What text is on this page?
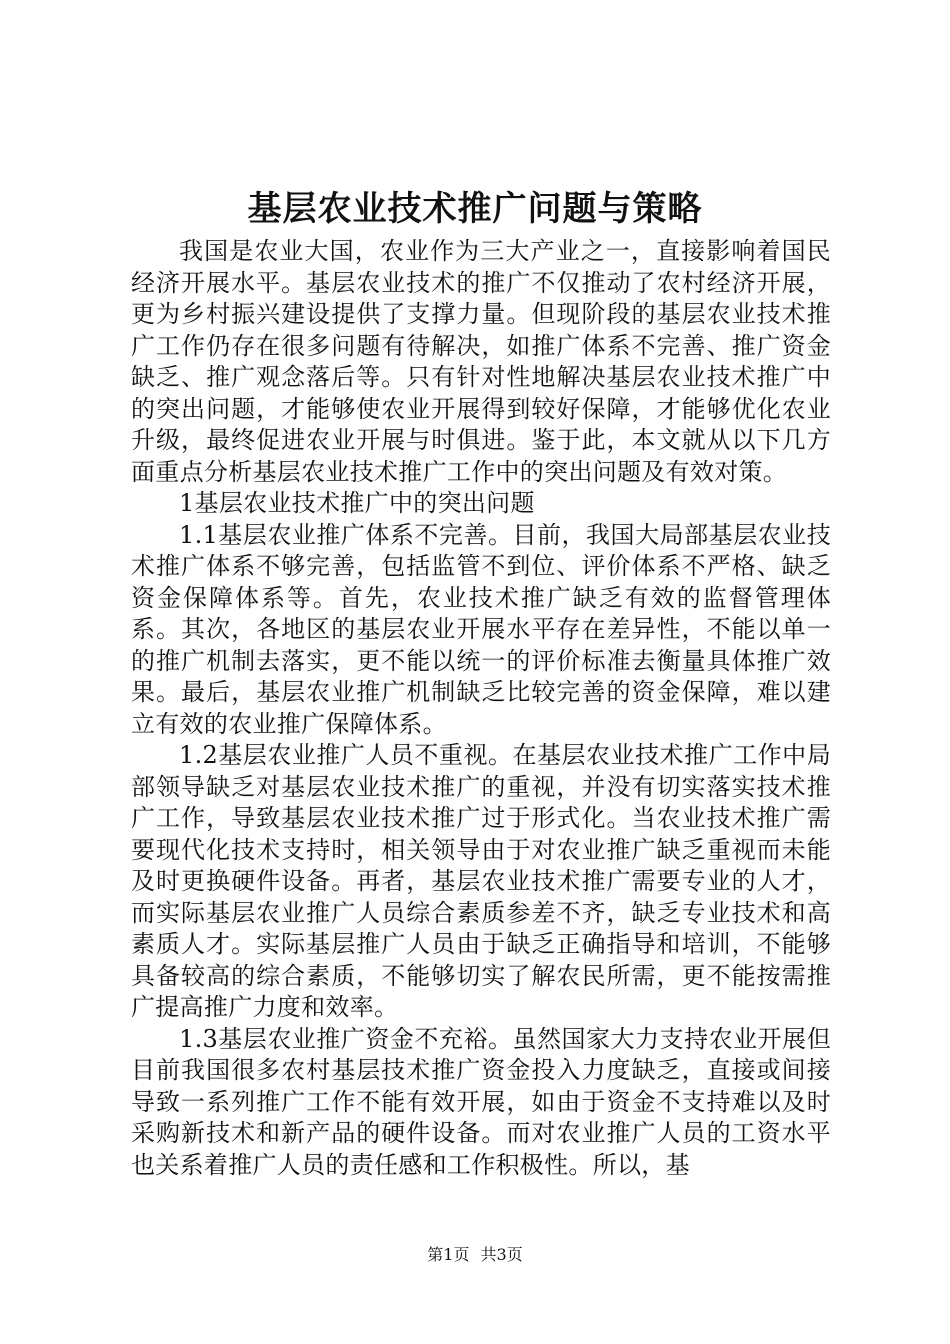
基层农业技术推广问题与策略

我国是农业大国，农业作为三大产业之一，直接影响着国民经济开展水平。基层农业技术的推广不仅推动了农村经济开展，更为乡村振兴建设提供了支撑力量。但现阶段的基层农业技术推广工作仍存在很多问题有待解决，如推广体系不完善、推广资金缺乏、推广观念落后等。只有针对性地解决基层农业技术推广中的突出问题，才能够使农业开展得到较好保障，才能够优化农业升级，最终促进农业开展与时俱进。鉴于此，本文就从以下几方面重点分析基层农业技术推广工作中的突出问题及有效对策。

1基层农业技术推广中的突出问题

1.1基层农业推广体系不完善。目前，我国大局部基层农业技术推广体系不够完善，包括监管不到位、评价体系不严格、缺乏资金保障体系等。首先，农业技术推广缺乏有效的监督管理体系。其次，各地区的基层农业开展水平存在差异性，不能以单一的推广机制去落实，更不能以统一的评价标准去衡量具体推广效果。最后，基层农业推广机制缺乏比较完善的资金保障，难以建立有效的农业推广保障体系。

1.2基层农业推广人员不重视。在基层农业技术推广工作中局部领导缺乏对基层农业技术推广的重视，并没有切实落实技术推广工作，导致基层农业技术推广过于形式化。当农业技术推广需要现代化技术支持时，相关领导由于对农业推广缺乏重视而未能及时更换硬件设备。再者，基层农业技术推广需要专业的人才，而实际基层农业推广人员综合素质参差不齐，缺乏专业技术和高素质人才。实际基层推广人员由于缺乏正确指导和培训，不能够具备较高的综合素质，不能够切实了解农民所需，更不能按需推广提高推广力度和效率。

1.3基层农业推广资金不充裕。虽然国家大力支持农业开展但目前我国很多农村基层技术推广资金投入力度缺乏，直接或间接导致一系列推广工作不能有效开展，如由于资金不支持难以及时采购新技术和新产品的硬件设备。而对农业推广人员的工资水平也关系着推广人员的责任感和工作积极性。所以，基

第1页 共3页
